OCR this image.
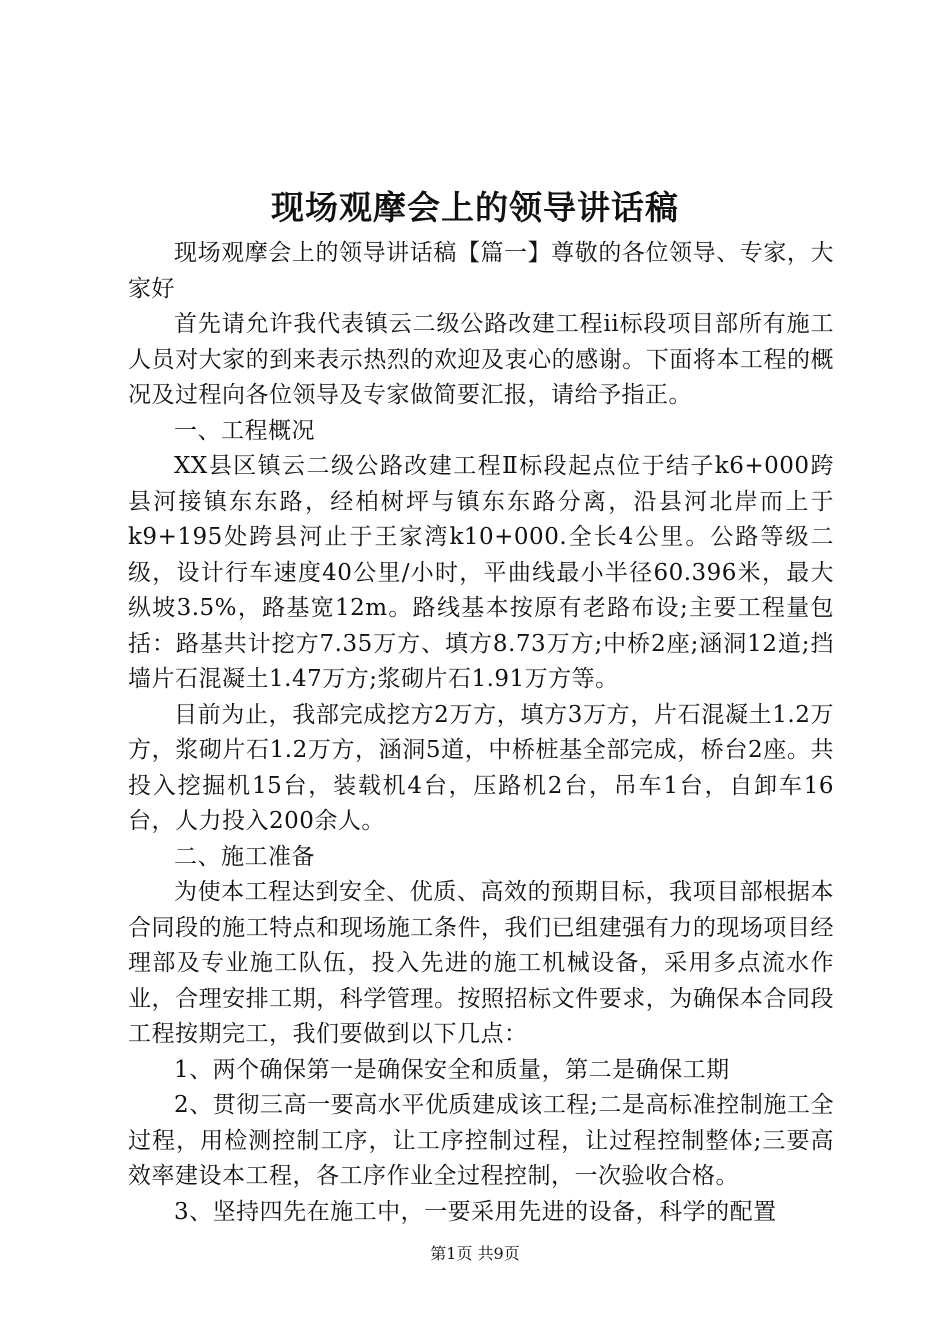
现场观摩会上的领导讲话稿

现场观摩会上的领导讲话稿【篇一】尊敬的各位领导、专家，大家好

首先请允许我代表镇云二级公路改建工程ii标段项目部所有施工人员对大家的到来表示热烈的欢迎及衷心的感谢。下面将本工程的概况及过程向各位领导及专家做简要汇报，请给予指正。

一、工程概况

XX县区镇云二级公路改建工程Ⅱ标段起点位于结子k6+000跨县河接镇东东路，经柏树坪与镇东东路分离，沿县河北岸而上于k9+195处跨县河止于王家湾k10+000.全长4公里。公路等级二级，设计行车速度40公里/小时，平曲线最小半径60.396米，最大纵坡3.5%，路基宽12m。路线基本按原有老路布设;主要工程量包括：路基共计挖方7.35万方、填方8.73万方;中桥2座;涵洞12道;挡墙片石混凝土1.47万方;浆砌片石1.91万方等。

目前为止，我部完成挖方2万方，填方3万方，片石混凝土1.2万方，浆砌片石1.2万方，涵洞5道，中桥桩基全部完成，桥台2座。共投入挖掘机15台，装载机4台，压路机2台，吊车1台，自卸车16台，人力投入200余人。

二、施工准备

为使本工程达到安全、优质、高效的预期目标，我项目部根据本合同段的施工特点和现场施工条件，我们已组建强有力的现场项目经理部及专业施工队伍，投入先进的施工机械设备，采用多点流水作业，合理安排工期，科学管理。按照招标文件要求，为确保本合同段工程按期完工，我们要做到以下几点：

1、两个确保第一是确保安全和质量，第二是确保工期

2、贯彻三高一要高水平优质建成该工程;二是高标准控制施工全过程，用检测控制工序，让工序控制过程，让过程控制整体;三要高效率建设本工程，各工序作业全过程控制，一次验收合格。

3、坚持四先在施工中，一要采用先进的设备，科学的配置

第1页 共9页
